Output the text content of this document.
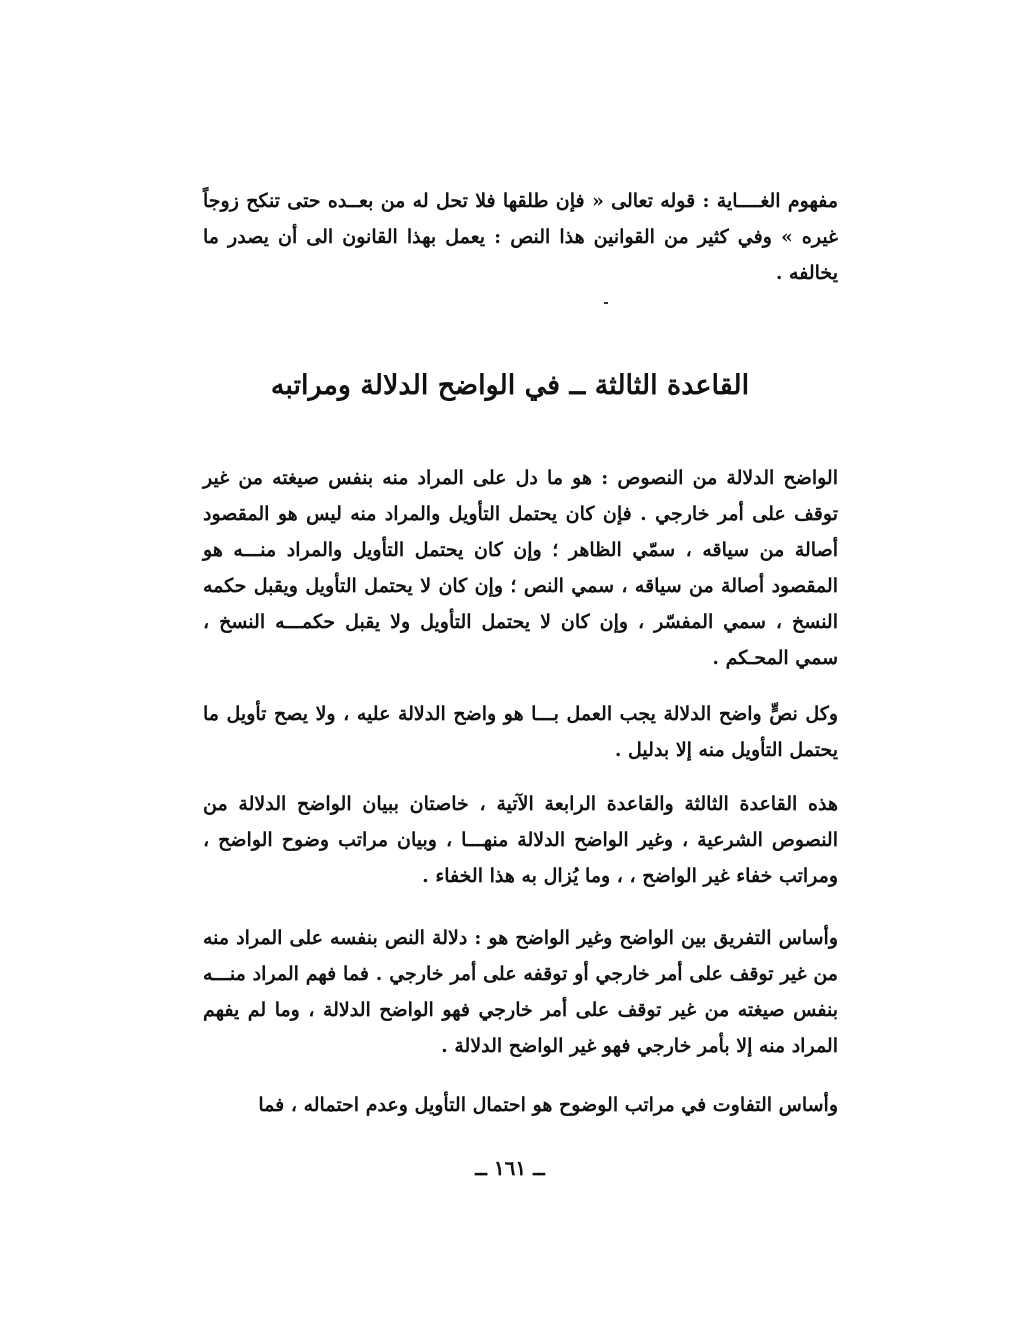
مفهوم الغــــاية : قوله تعالى « فإن طلقها فلا تحل له من بعــده حتى تنكح زوجاً غيره » وفي كثير من القوانين هذا النص : يعمل بهذا القانون الى أن يصدر ما يخالفه .

القاعدة الثالثة ــ في الواضح الدلالة ومراتبه

الواضح الدلالة من النصوص : هو ما دل على المراد منه بنفس صيغته من غير توقف على أمر خارجي . فإن كان يحتمل التأويل والمراد منه ليس هو المقصود أصالة من سياقه ، سمّي الظاهر ؛ وإن كان يحتمل التأويل والمراد منـــه هو المقصود أصالة من سياقه ، سمي النص ؛ وإن كان لا يحتمل التأويل ويقبل حكمه النسخ ، سمي المفسّر ، وإن كان لا يحتمل التأويل ولا يقبل حكمـــه النسخ ، سمي المحـكم .

وكل نصٍّ واضح الدلالة يجب العمل بـــا هو واضح الدلالة عليه ، ولا يصح تأويل ما يحتمل التأويل منه إلا بدليل .

هذه القاعدة الثالثة والقاعدة الرابعة الآتية ، خاصتان ببيان الواضح الدلالة من النصوص الشرعية ، وغير الواضح الدلالة منهـــا ، وبيان مراتب وضوح الواضح ، ومراتب خفاء غير الواضح ، ، وما يُزال به هذا الخفاء .

وأساس التفريق بين الواضح وغير الواضح هو : دلالة النص بنفسه على المراد منه من غير توقف على أمر خارجي أو توقفه على أمر خارجي . فما فهم المراد منـــه بنفس صيغته من غير توقف على أمر خارجي فهو الواضح الدلالة ، وما لم يفهم المراد منه إلا بأمر خارجي فهو غير الواضح الدلالة .

وأساس التفاوت في مراتب الوضوح هو احتمال التأويل وعدم احتماله ، فما

ــ ١٦١ ــ
